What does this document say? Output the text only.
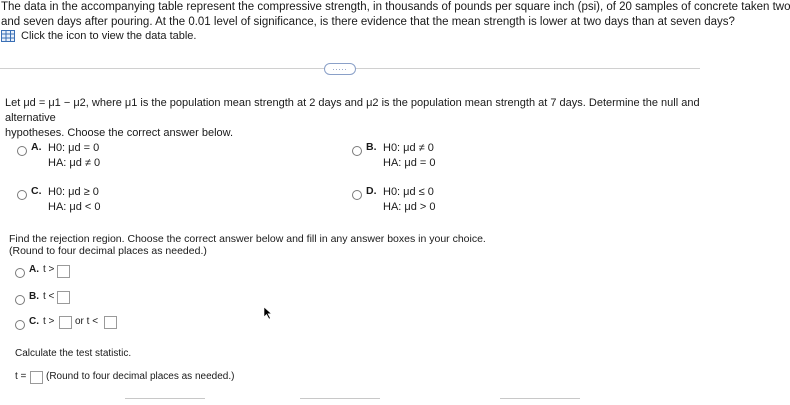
The data in the accompanying table represent the compressive strength, in thousands of pounds per square inch (psi), of 20 samples of concrete taken two
and seven days after pouring. At the 0.01 level of significance, is there evidence that the mean strength is lower at two days than at seven days?
Click the icon to view the data table.
.....
Let μd = μ1 − μ2, where μ1 is the population mean strength at 2 days and μ2 is the population mean strength at 7 days. Determine the null and alternative
hypotheses. Choose the correct answer below.
A. H0: μd = 0
HA: μd ≠ 0
B. H0: μd ≠ 0
HA: μd = 0
C. H0: μd ≥ 0
HA: μd < 0
D. H0: μd ≤ 0
HA: μd > 0
Find the rejection region. Choose the correct answer below and fill in any answer boxes in your choice.
(Round to four decimal places as needed.)
A. t >
B. t <
C. t > or t <
Calculate the test statistic.
t = (Round to four decimal places as needed.)
